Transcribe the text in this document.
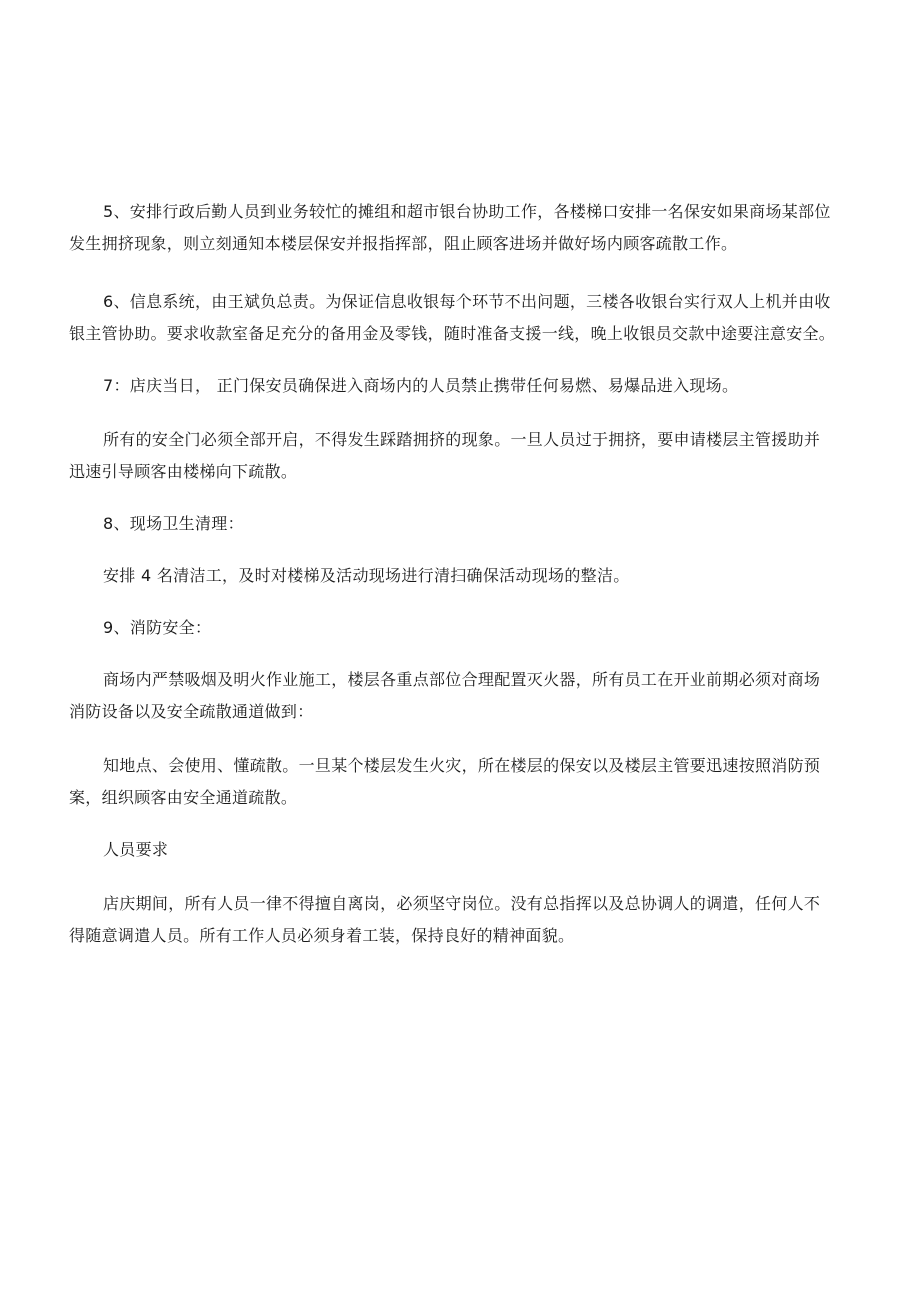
5、安排行政后勤人员到业务较忙的摊组和超市银台协助工作，各楼梯口安排一名保安如果商场某部位
发生拥挤现象，则立刻通知本楼层保安并报指挥部，阻止顾客进场并做好场内顾客疏散工作。

6、信息系统，由王斌负总责。为保证信息收银每个环节不出问题，三楼各收银台实行双人上机并由收
银主管协助。要求收款室备足充分的备用金及零钱，随时准备支援一线，晚上收银员交款中途要注意安全。

7：店庆当日， 正门保安员确保进入商场内的人员禁止携带任何易燃、易爆品进入现场。

所有的安全门必须全部开启，不得发生踩踏拥挤的现象。一旦人员过于拥挤，要申请楼层主管援助并
迅速引导顾客由楼梯向下疏散。

8、现场卫生清理：

安排 4 名清洁工，及时对楼梯及活动现场进行清扫确保活动现场的整洁。

9、消防安全：

商场内严禁吸烟及明火作业施工，楼层各重点部位合理配置灭火器，所有员工在开业前期必须对商场
消防设备以及安全疏散通道做到：

知地点、会使用、懂疏散。一旦某个楼层发生火灾，所在楼层的保安以及楼层主管要迅速按照消防预
案，组织顾客由安全通道疏散。

人员要求

店庆期间，所有人员一律不得擅自离岗，必须坚守岗位。没有总指挥以及总协调人的调遣，任何人不
得随意调遣人员。所有工作人员必须身着工装，保持良好的精神面貌。
